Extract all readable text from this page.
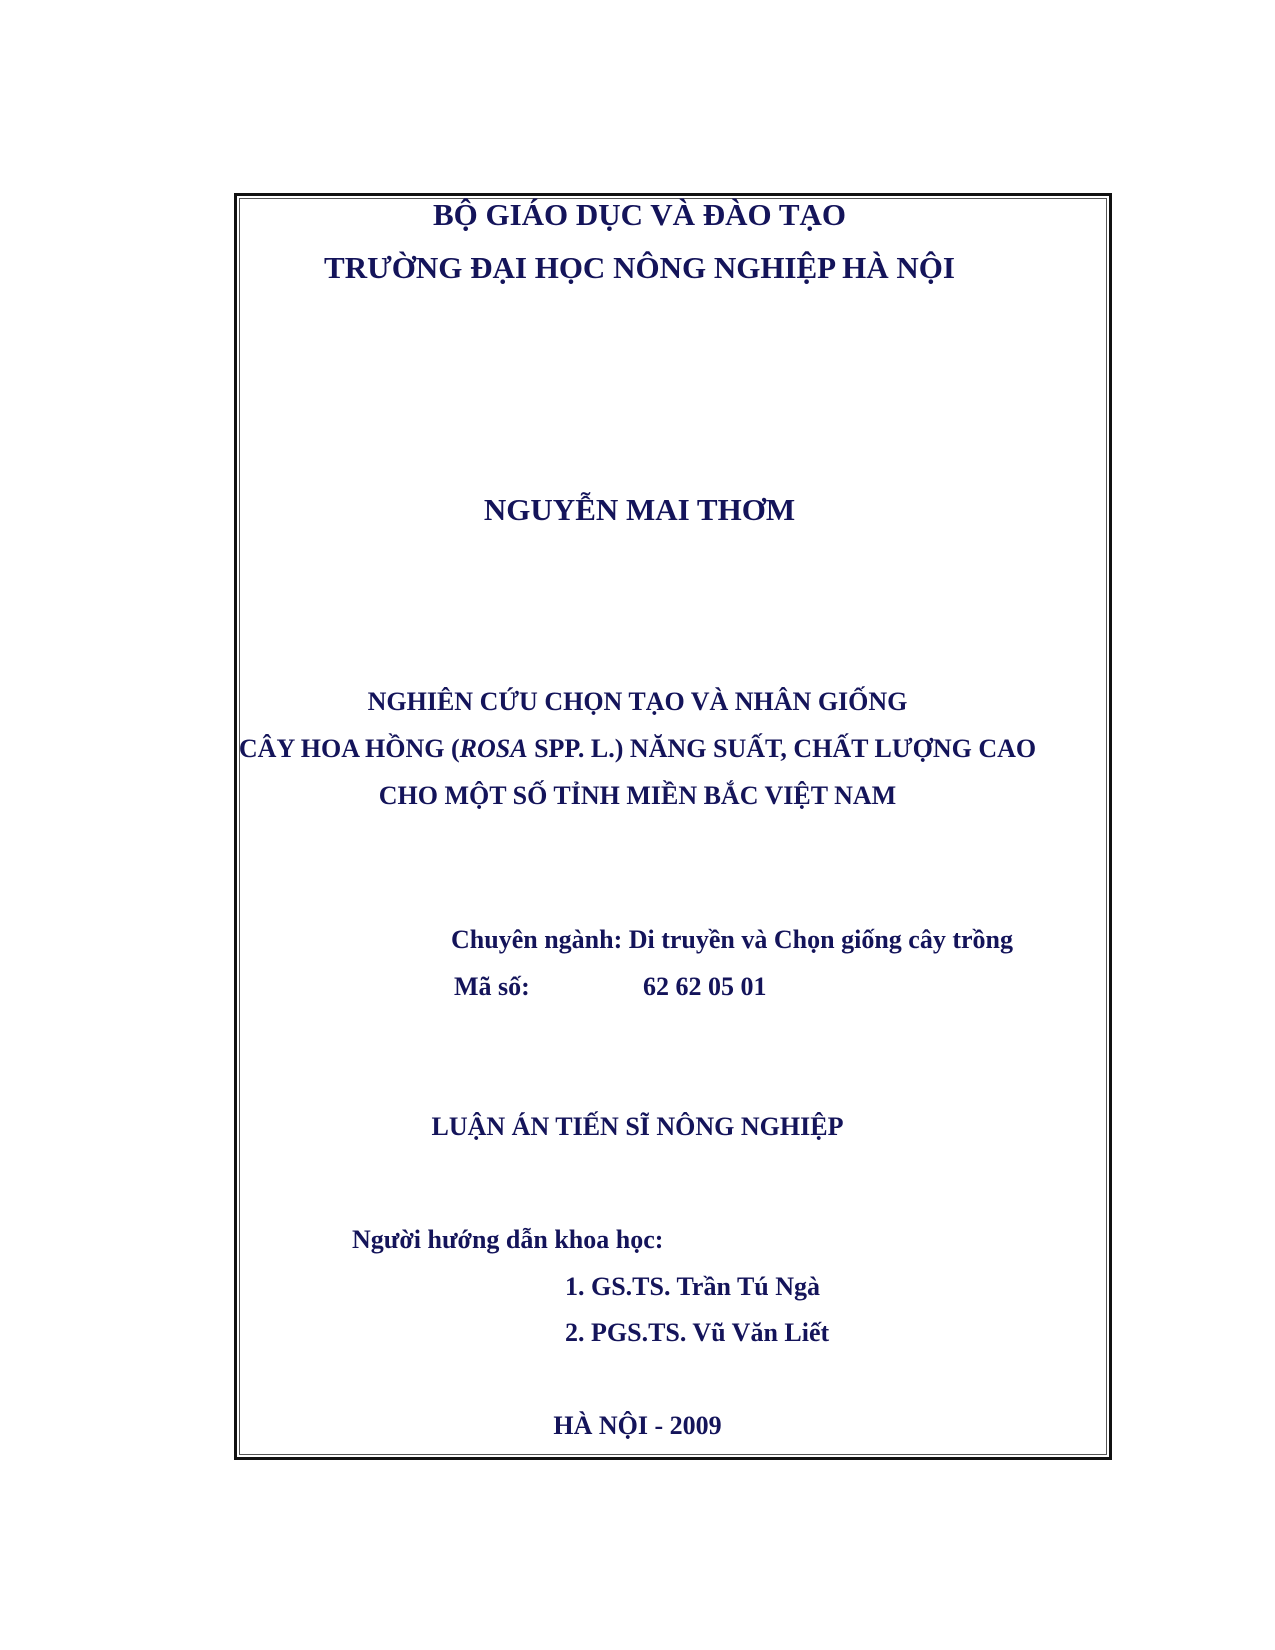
BỘ GIÁO DỤC VÀ ĐÀO TẠO

TRƯỜNG ĐẠI HỌC NÔNG NGHIỆP HÀ NỘI

NGUYỄN MAI THƠM

NGHIÊN CỨU CHỌN TẠO VÀ NHÂN GIỐNG

CÂY HOA HỒNG (ROSA SPP. L.) NĂNG SUẤT, CHẤT LƯỢNG CAO

CHO MỘT SỐ TỈNH MIỀN BẮC VIỆT NAM

Chuyên ngành: Di truyền và Chọn giống cây trồng

Mã số:	62 62 05 01

LUẬN ÁN TIẾN SĨ NÔNG NGHIỆP

Người hướng dẫn khoa học:

1. GS.TS. Trần Tú Ngà

2. PGS.TS. Vũ Văn Liết

HÀ NỘI - 2009
